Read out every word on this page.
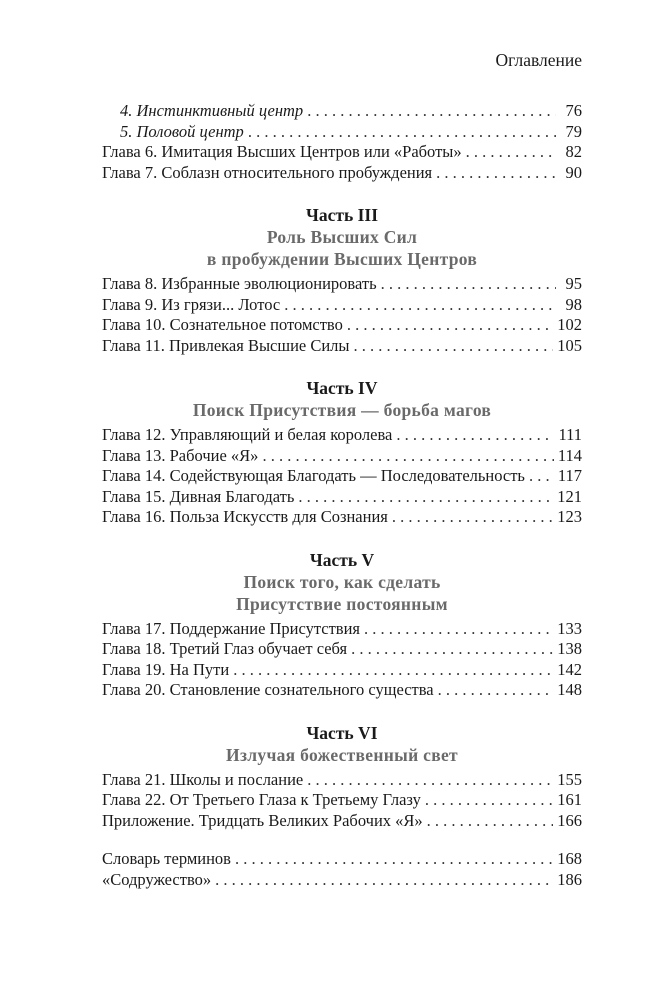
Оглавление
4. Инстинктивный центр . . .	76
5. Половой центр . . .	79
Глава 6. Имитация Высших Центров или «Работы» . . .	82
Глава 7. Соблазн относительного пробуждения . . .	90
Часть III
Роль Высших Сил
в пробуждении Высших Центров
Глава 8. Избранные эволюционировать . . .	95
Глава 9. Из грязи... Лотос . . .	98
Глава 10. Сознательное потомство . . .	102
Глава 11. Привлекая Высшие Силы . . .	105
Часть IV
Поиск Присутствия — борьба магов
Глава 12. Управляющий и белая королева . . .	111
Глава 13. Рабочие «Я» . . .	114
Глава 14. Содействующая Благодать — Последовательность . . . 117
Глава 15. Дивная Благодать . . .	121
Глава 16. Польза Искусств для Сознания . . .	123
Часть V
Поиск того, как сделать
Присутствие постоянным
Глава 17. Поддержание Присутствия . . .	133
Глава 18. Третий Глаз обучает себя . . .	138
Глава 19. На Пути . . .	142
Глава 20. Становление сознательного существа . . .	148
Часть VI
Излучая божественный свет
Глава 21. Школы и послание . . .	155
Глава 22. От Третьего Глаза к Третьему Глазу . . .	161
Приложение. Тридцать Великих Рабочих «Я» . . .	166
Словарь терминов . . .	168
«Содружество» . . .	186
